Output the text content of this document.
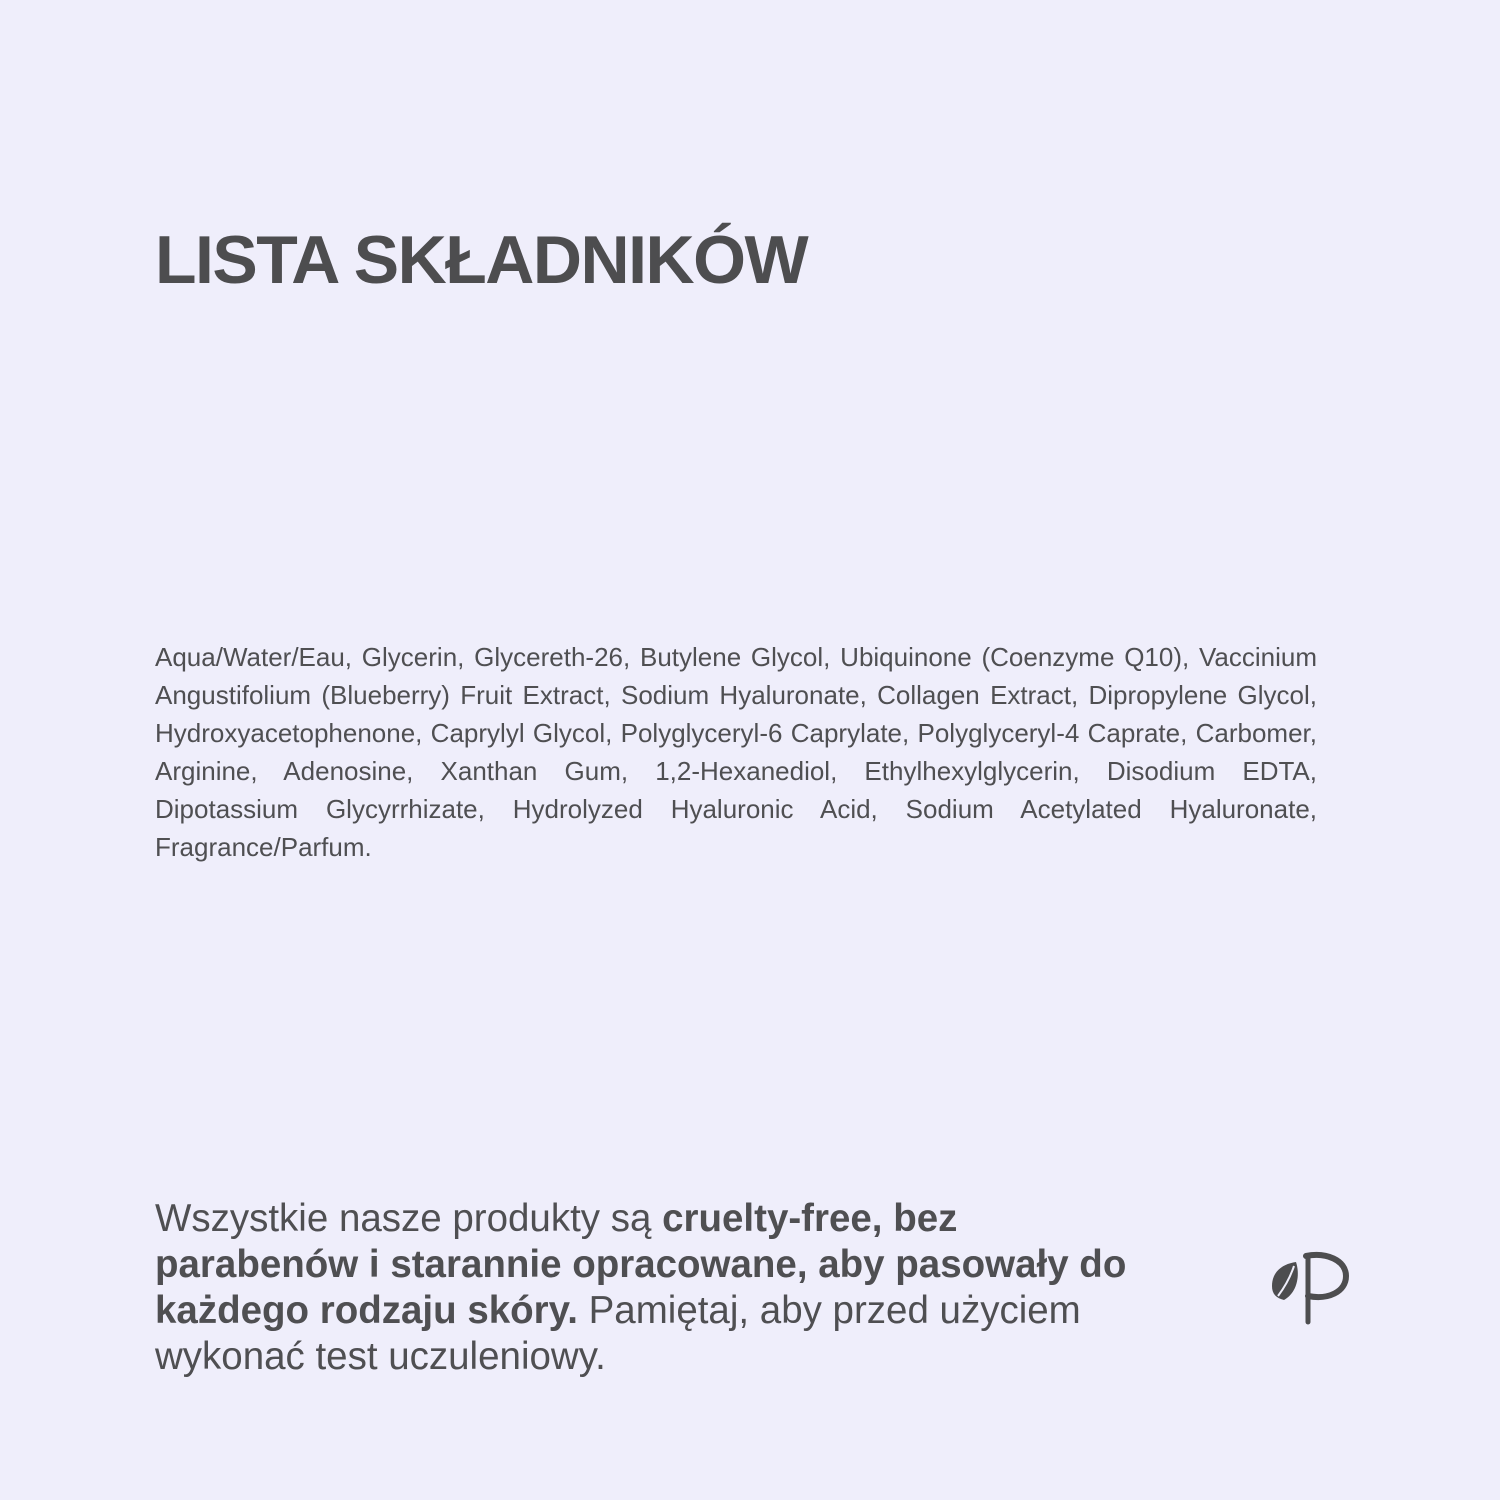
LISTA SKŁADNIKÓW

Aqua/Water/Eau, Glycerin, Glycereth-26, Butylene Glycol, Ubiquinone (Coenzyme Q10), Vaccinium Angustifolium (Blueberry) Fruit Extract, Sodium Hyaluronate, Collagen Extract, Dipropylene Glycol, Hydroxyacetophenone, Caprylyl Glycol, Polyglyceryl-6 Caprylate, Polyglyceryl-4 Caprate, Carbomer, Arginine, Adenosine, Xanthan Gum, 1,2-Hexanediol, Ethylhexylglycerin, Disodium EDTA, Dipotassium Glycyrrhizate, Hydrolyzed Hyaluronic Acid, Sodium Acetylated Hyaluronate, Fragrance/Parfum.

Wszystkie nasze produkty są cruelty-free, bez parabenów i starannie opracowane, aby pasowały do każdego rodzaju skóry. Pamiętaj, aby przed użyciem wykonać test uczuleniowy.
